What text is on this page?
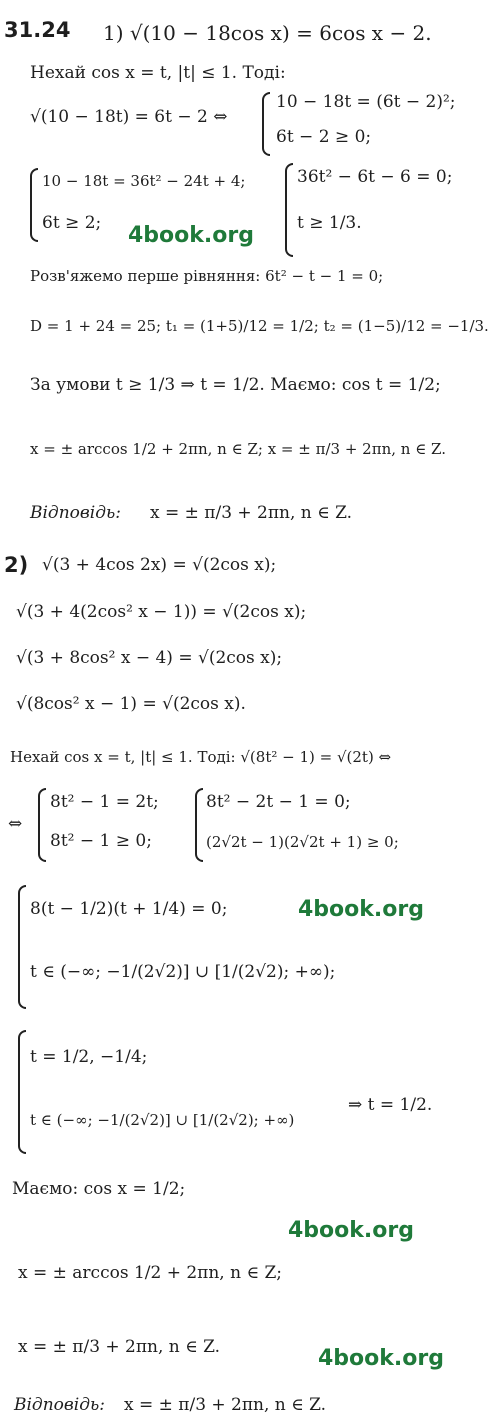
31.24 1) √(10 − 18cos x) = 6cos x − 2.
Нехай cos x = t, |t| ≤ 1. Тоді:
√(10 − 18t) = 6t − 2 ⇔
10 − 18t = (6t − 2)²;
6t − 2 ≥ 0;
10 − 18t = 36t² − 24t + 4;
6t ≥ 2;
36t² − 6t − 6 = 0;
t ≥ 1/3.
4book.org
Розв'яжемо перше рівняння: 6t² − t − 1 = 0;
D = 1 + 24 = 25; t₁ = (1+5)/12 = 1/2; t₂ = (1−5)/12 = −1/3.
За умови t ≥ 1/3 ⇒ t = 1/2. Маємо: cos t = 1/2;
x = ± arccos 1/2 + 2πn, n ∈ Z; x = ± π/3 + 2πn, n ∈ Z.
Відповідь: x = ± π/3 + 2πn, n ∈ Z.
2) √(3 + 4cos 2x) = √(2cos x);
√(3 + 4(2cos² x − 1)) = √(2cos x);
√(3 + 8cos² x − 4) = √(2cos x);
√(8cos² x − 1) = √(2cos x).
Нехай cos x = t, |t| ≤ 1. Тоді: √(8t² − 1) = √(2t) ⇔
⇔
8t² − 1 = 2t;
8t² − 1 ≥ 0;
8t² − 2t − 1 = 0;
(2√2t − 1)(2√2t + 1) ≥ 0;
8(t − 1/2)(t + 1/4) = 0;
t ∈ (−∞; −1/(2√2)] ∪ [1/(2√2); +∞);
4book.org
t = 1/2, −1/4;
t ∈ (−∞; −1/(2√2)] ∪ [1/(2√2); +∞)
⇒ t = 1/2.
Маємо: cos x = 1/2;
4book.org
x = ± arccos 1/2 + 2πn, n ∈ Z;
x = ± π/3 + 2πn, n ∈ Z.	4book.org
Відповідь: x = ± π/3 + 2πn, n ∈ Z.
